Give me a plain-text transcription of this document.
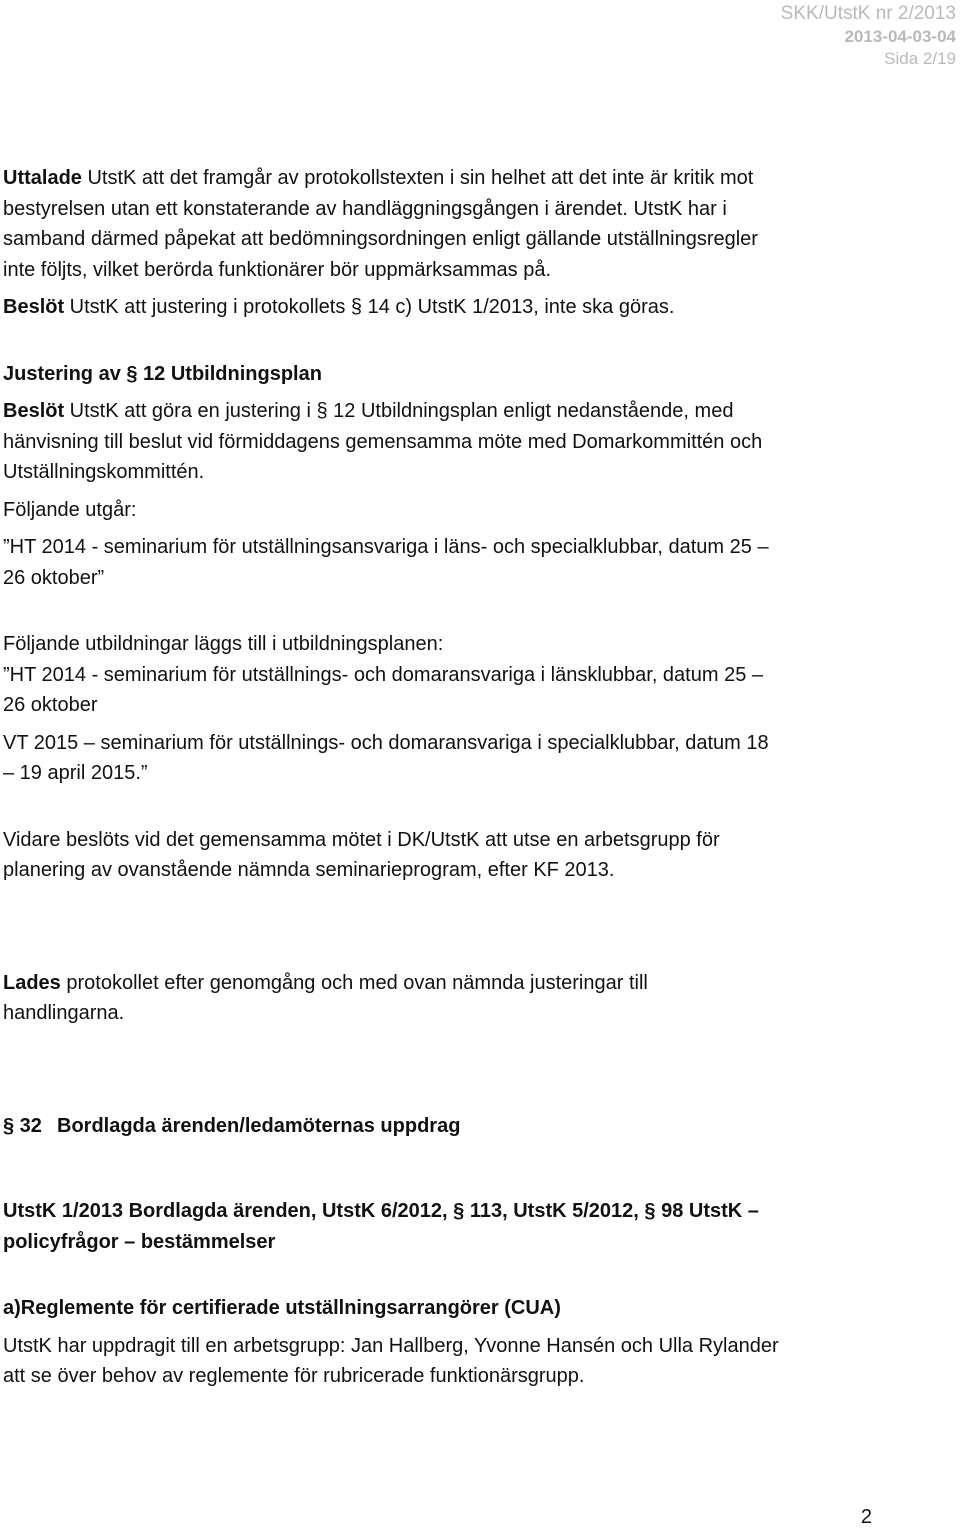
SKK/UtstK nr 2/2013
2013-04-03-04
Sida 2/19

Uttalade UtstK att det framgår av protokollstexten i sin helhet att det inte är kritik mot

bestyrelsen utan ett konstaterande av handläggningsgången i ärendet. UtstK har i

samband därmed påpekat att bedömningsordningen enligt gällande utställningsregler

inte följts, vilket berörda funktionärer bör uppmärksammas på.

Beslöt UtstK att justering i protokollets § 14 c) UtstK 1/2013, inte ska göras.

Justering av § 12 Utbildningsplan

Beslöt UtstK att göra en justering i § 12 Utbildningsplan enligt nedanstående, med

hänvisning till beslut vid förmiddagens gemensamma möte med Domarkommittén och

Utställningskommittén.

Följande utgår:

”HT 2014 - seminarium för utställningsansvariga i läns- och specialklubbar, datum 25 –

26 oktober”

Följande utbildningar läggs till i utbildningsplanen:

”HT 2014 - seminarium för utställnings- och domaransvariga i länsklubbar, datum 25 –

26 oktober

VT 2015 – seminarium för utställnings- och domaransvariga i specialklubbar, datum 18

– 19 april 2015.”

Vidare beslöts vid det gemensamma mötet i DK/UtstK att utse en arbetsgrupp för

planering av ovanstående nämnda seminarieprogram, efter KF 2013.

Lades protokollet efter genomgång och med ovan nämnda justeringar till

handlingarna.

§ 32 Bordlagda ärenden/ledamöternas uppdrag

UtstK 1/2013 Bordlagda ärenden, UtstK 6/2012, § 113, UtstK 5/2012, § 98 UtstK –

policyfrågor – bestämmelser

a)Reglemente för certifierade utställningsarrangörer (CUA)

UtstK har uppdragit till en arbetsgrupp: Jan Hallberg, Yvonne Hansén och Ulla Rylander

att se över behov av reglemente för rubricerade funktionärsgrupp.

2
